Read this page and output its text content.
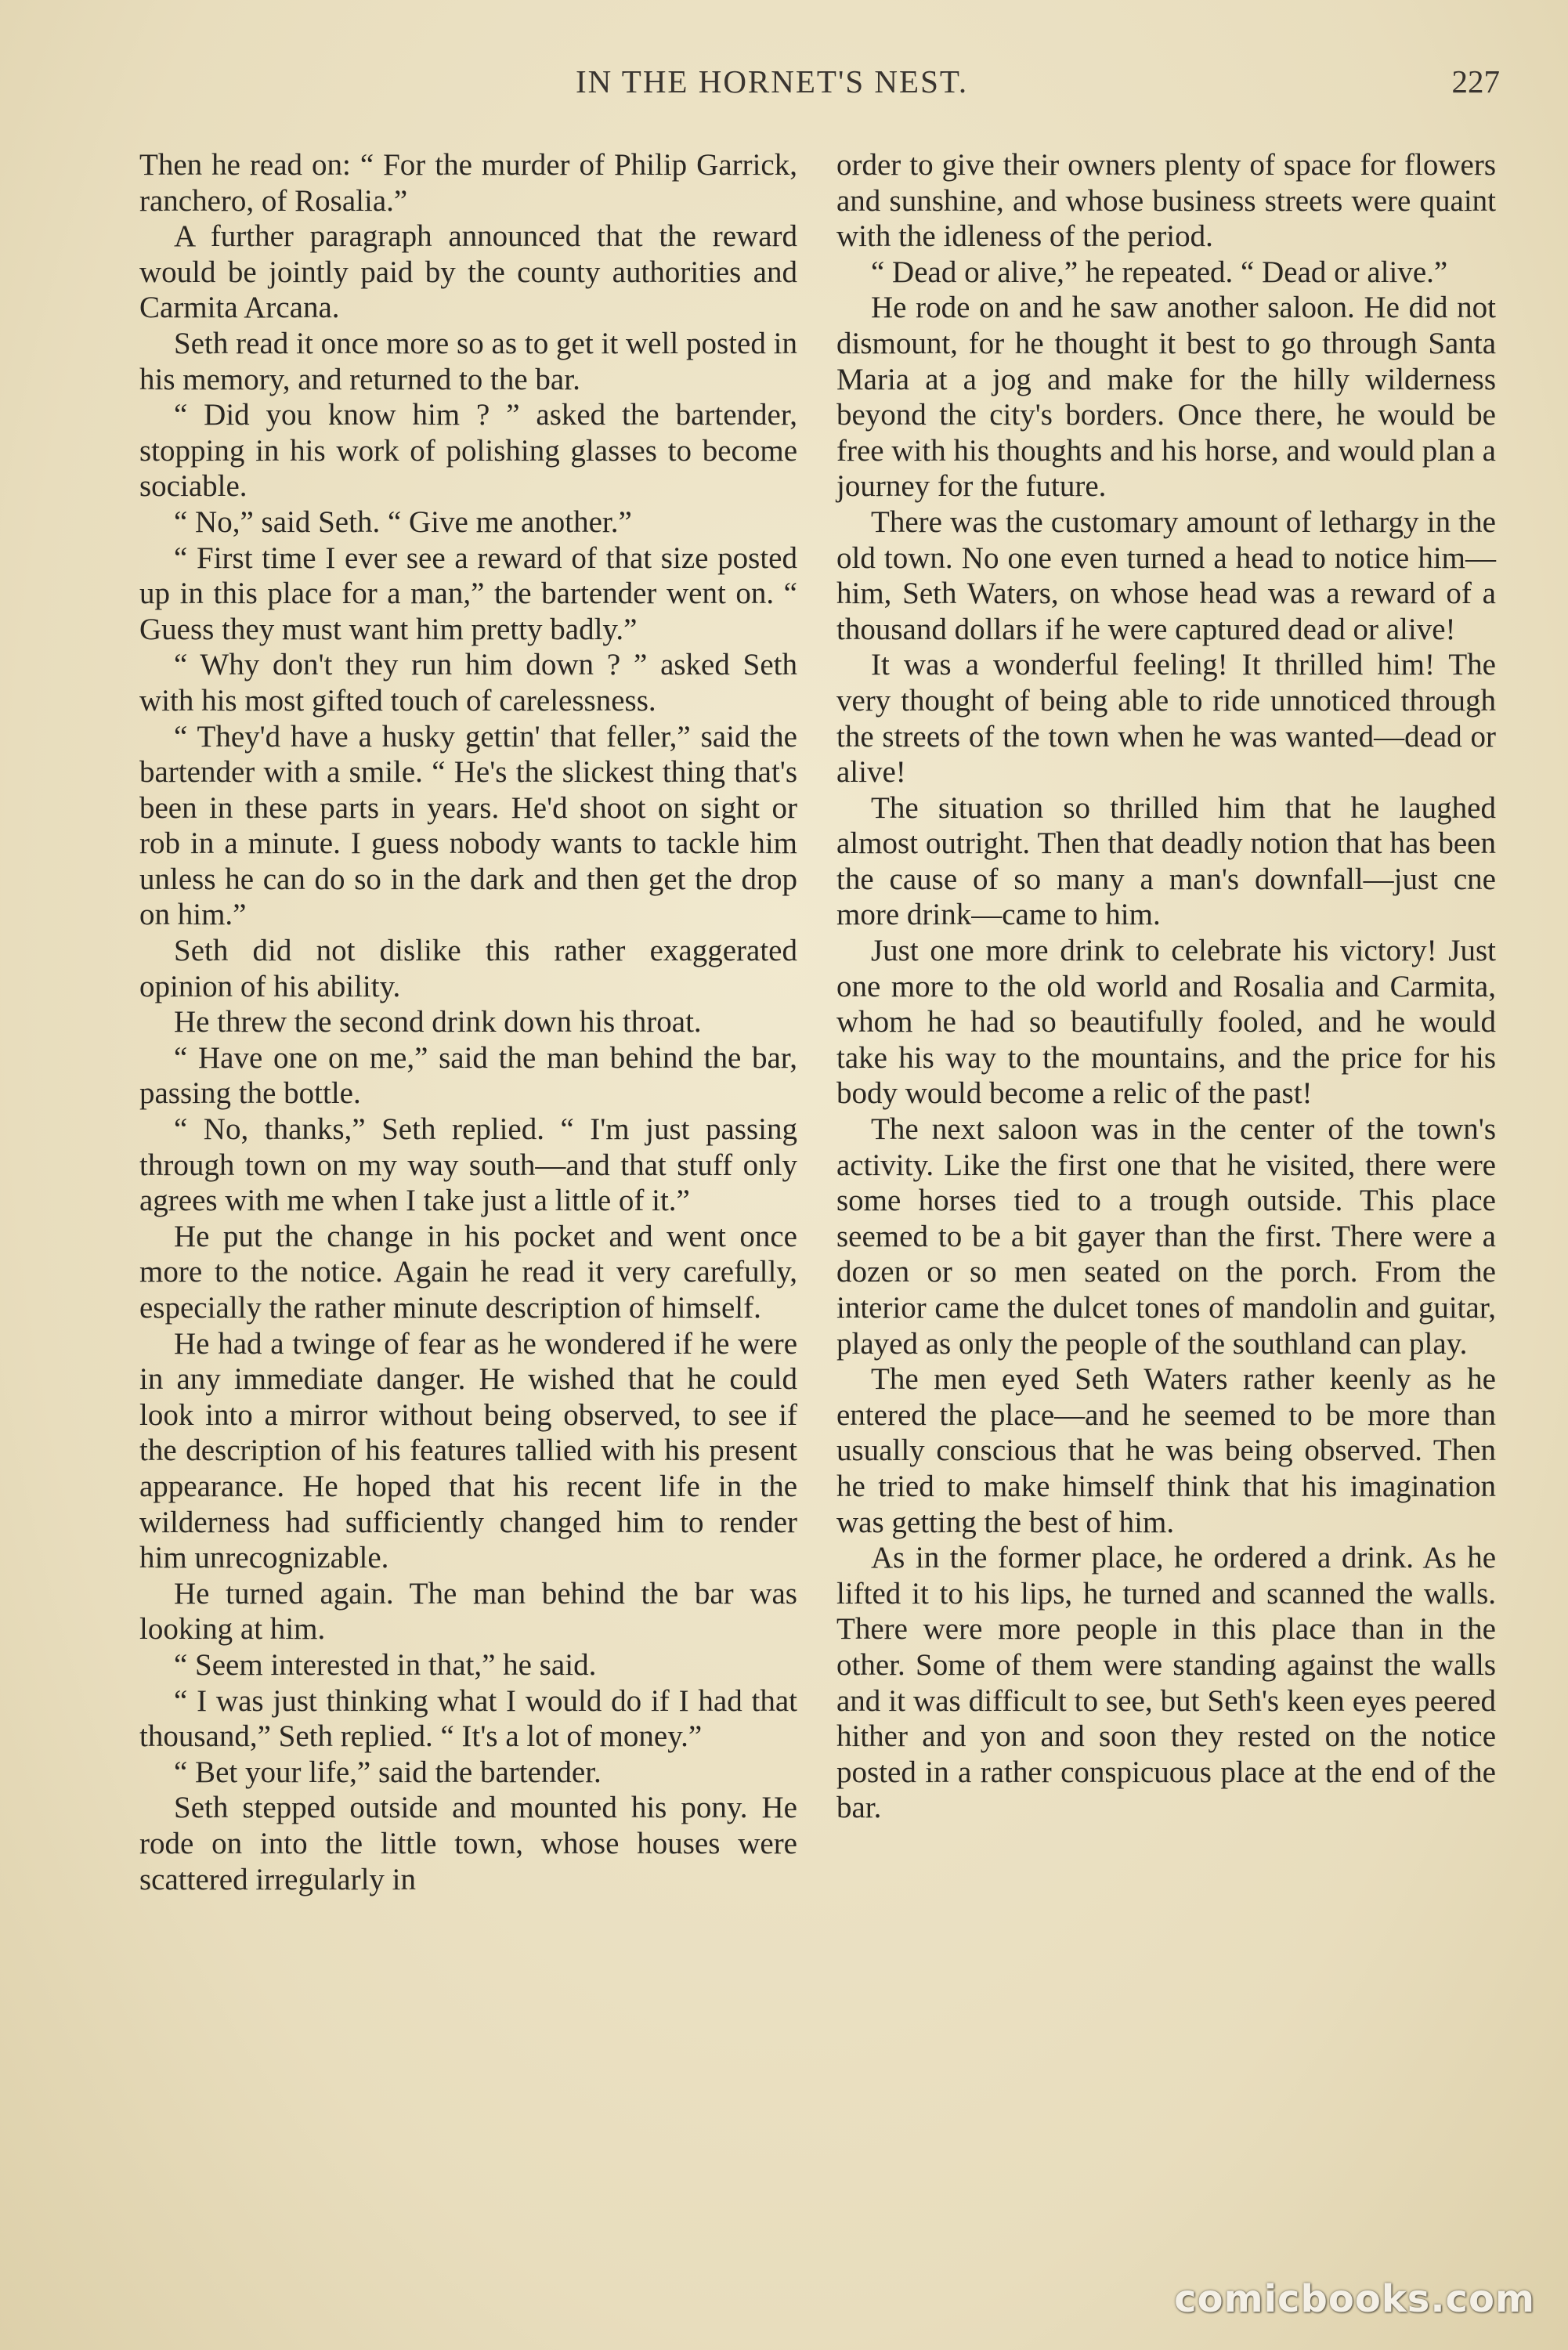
IN THE HORNET'S NEST.	227

Then he read on: “ For the murder of Philip Garrick, ranchero, of Rosalia.”

A further paragraph announced that the reward would be jointly paid by the county authorities and Carmita Arcana.

Seth read it once more so as to get it well posted in his memory, and returned to the bar.

“ Did you know him ? ” asked the bartender, stopping in his work of polishing glasses to become sociable.

“ No,” said Seth. “ Give me another.”

“ First time I ever see a reward of that size posted up in this place for a man,” the bartender went on. “ Guess they must want him pretty badly.”

“ Why don't they run him down ? ” asked Seth with his most gifted touch of carelessness.

“ They'd have a husky gettin' that feller,” said the bartender with a smile. “ He's the slickest thing that's been in these parts in years. He'd shoot on sight or rob in a minute. I guess nobody wants to tackle him unless he can do so in the dark and then get the drop on him.”

Seth did not dislike this rather exaggerated opinion of his ability.

He threw the second drink down his throat.

“ Have one on me,” said the man behind the bar, passing the bottle.

“ No, thanks,” Seth replied. “ I'm just passing through town on my way south—and that stuff only agrees with me when I take just a little of it.”

He put the change in his pocket and went once more to the notice. Again he read it very carefully, especially the rather minute description of himself.

He had a twinge of fear as he wondered if he were in any immediate danger. He wished that he could look into a mirror without being observed, to see if the description of his features tallied with his present appearance. He hoped that his recent life in the wilderness had sufficiently changed him to render him unrecognizable.

He turned again. The man behind the bar was looking at him.

“ Seem interested in that,” he said.

“ I was just thinking what I would do if I had that thousand,” Seth replied. “ It's a lot of money.”

“ Bet your life,” said the bartender.

Seth stepped outside and mounted his pony. He rode on into the little town, whose houses were scattered irregularly in

order to give their owners plenty of space for flowers and sunshine, and whose business streets were quaint with the idleness of the period.

“ Dead or alive,” he repeated. “ Dead or alive.”

He rode on and he saw another saloon. He did not dismount, for he thought it best to go through Santa Maria at a jog and make for the hilly wilderness beyond the city's borders. Once there, he would be free with his thoughts and his horse, and would plan a journey for the future.

There was the customary amount of lethargy in the old town. No one even turned a head to notice him—him, Seth Waters, on whose head was a reward of a thousand dollars if he were captured dead or alive!

It was a wonderful feeling! It thrilled him! The very thought of being able to ride unnoticed through the streets of the town when he was wanted—dead or alive!

The situation so thrilled him that he laughed almost outright. Then that deadly notion that has been the cause of so many a man's downfall—just cne more drink—came to him.

Just one more drink to celebrate his victory! Just one more to the old world and Rosalia and Carmita, whom he had so beautifully fooled, and he would take his way to the mountains, and the price for his body would become a relic of the past!

The next saloon was in the center of the town's activity. Like the first one that he visited, there were some horses tied to a trough outside. This place seemed to be a bit gayer than the first. There were a dozen or so men seated on the porch. From the interior came the dulcet tones of mandolin and guitar, played as only the people of the southland can play.

The men eyed Seth Waters rather keenly as he entered the place—and he seemed to be more than usually conscious that he was being observed. Then he tried to make himself think that his imagination was getting the best of him.

As in the former place, he ordered a drink. As he lifted it to his lips, he turned and scanned the walls. There were more people in this place than in the other. Some of them were standing against the walls and it was difficult to see, but Seth's keen eyes peered hither and yon and soon they rested on the notice posted in a rather conspicuous place at the end of the bar.

comicbooks.com
